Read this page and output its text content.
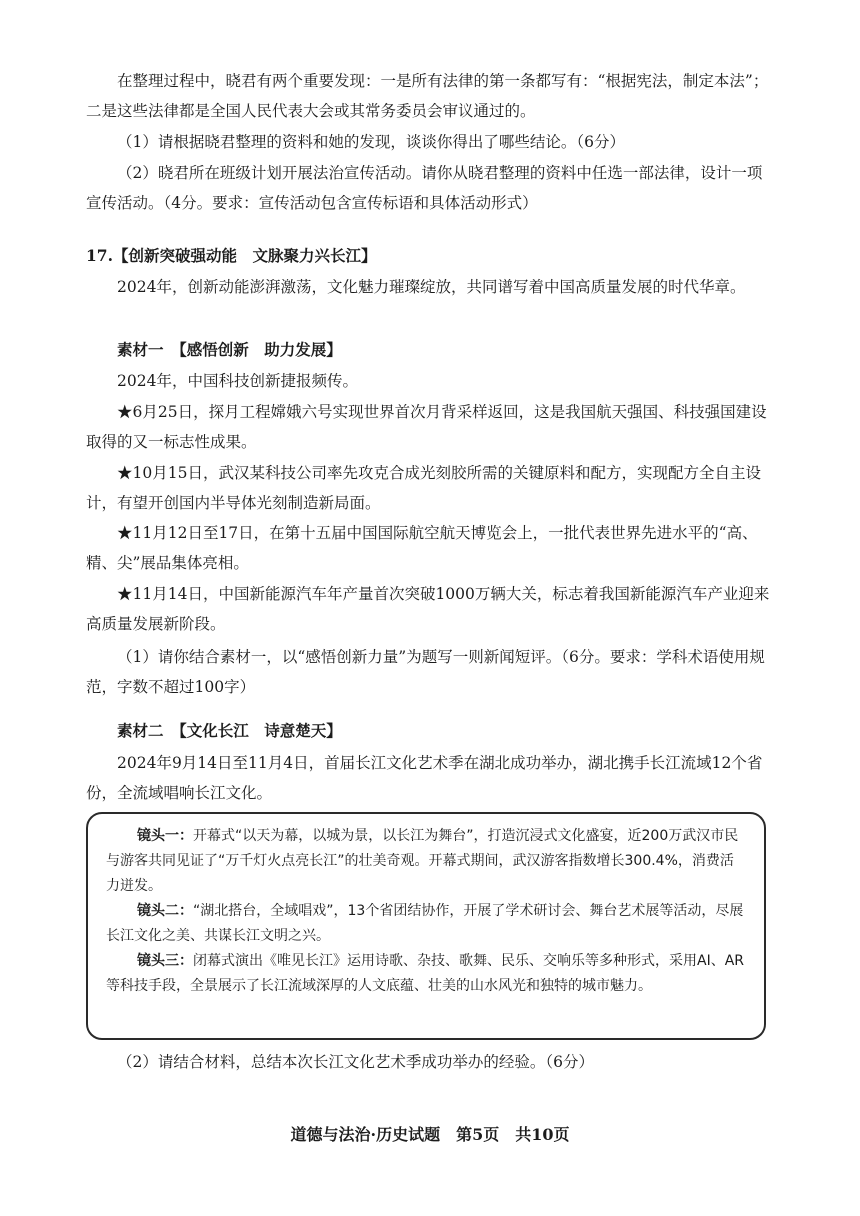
在整理过程中，晓君有两个重要发现：一是所有法律的第一条都写有：“根据宪法，制定本法”；二是这些法律都是全国人民代表大会或其常务委员会审议通过的。

（1）请根据晓君整理的资料和她的发现，谈谈你得出了哪些结论。（6分）

（2）晓君所在班级计划开展法治宣传活动。请你从晓君整理的资料中任选一部法律，设计一项宣传活动。（4分。要求：宣传活动包含宣传标语和具体活动形式）

17.【创新突破强动能　文脉聚力兴长江】

2024年，创新动能澎湃激荡，文化魅力璀璨绽放，共同谱写着中国高质量发展的时代华章。

素材一　【感悟创新　助力发展】

2024年，中国科技创新捷报频传。

★6月25日，探月工程嫦娥六号实现世界首次月背采样返回，这是我国航天强国、科技强国建设取得的又一标志性成果。

★10月15日，武汉某科技公司率先攻克合成光刻胶所需的关键原料和配方，实现配方全自主设计，有望开创国内半导体光刻制造新局面。

★11月12日至17日，在第十五届中国国际航空航天博览会上，一批代表世界先进水平的“高、精、尖”展品集体亮相。

★11月14日，中国新能源汽车年产量首次突破1000万辆大关，标志着我国新能源汽车产业迎来高质量发展新阶段。

（1）请你结合素材一，以“感悟创新力量”为题写一则新闻短评。（6分。要求：学科术语使用规范，字数不超过100字）

素材二　【文化长江　诗意楚天】

2024年9月14日至11月4日，首届长江文化艺术季在湖北成功举办，湖北携手长江流域12个省份，全流域唱响长江文化。

镜头一：开幕式“以天为幕，以城为景，以长江为舞台”，打造沉浸式文化盛宴，近200万武汉市民与游客共同见证了“万千灯火点亮长江”的壮美奇观。开幕式期间，武汉游客指数增长300.4%，消费活力迸发。

镜头二：“湖北搭台，全域唱戏”，13个省团结协作，开展了学术研讨会、舞台艺术展等活动，尽展长江文化之美、共谋长江文明之兴。

镜头三：闭幕式演出《唯见长江》运用诗歌、杂技、歌舞、民乐、交响乐等多种形式，采用AI、AR等科技手段，全景展示了长江流域深厚的人文底蕴、壮美的山水风光和独特的城市魅力。

（2）请结合材料，总结本次长江文化艺术季成功举办的经验。（6分）

道德与法治·历史试题　第5页　共10页
